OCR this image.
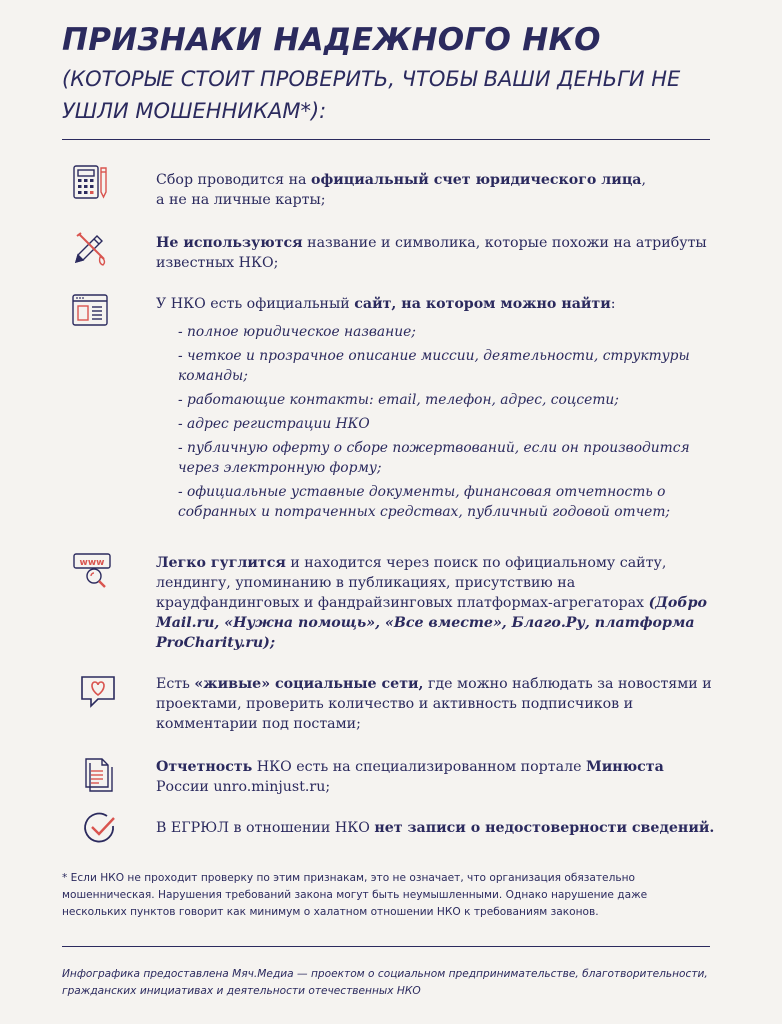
ПРИЗНАКИ НАДЕЖНОГО НКО

(КОТОРЫЕ СТОИТ ПРОВЕРИТЬ, ЧТОБЫ ВАШИ ДЕНЬГИ НЕ УШЛИ МОШЕННИКАМ*):

Сбор проводится на официальный счет юридического лица,
а не на личные карты;
Не используются название и символика, которые похожи на атрибуты известных НКО;
У НКО есть официальный сайт, на котором можно найти:
- полное юридическое название;
- четкое и прозрачное описание миссии, деятельности, структуры команды;
- работающие контакты: email, телефон, адрес, соцсети;
- адрес регистрации НКО
- публичную оферту о сборе пожертвований, если он производится через электронную форму;
- официальные уставные документы, финансовая отчетность о собранных и потраченных средствах, публичный годовой отчет;
www	Легко гуглится и находится через поиск по официальному сайту, лендингу, упоминанию в публикациях, присутствию на краудфандинговых и фандрайзинговых платформах-агрегаторах (Добро Mail.ru, «Нужна помощь», «Все вместе», Благо.Ру, платформа ProCharity.ru);
Есть «живые» социальные сети, где можно наблюдать за новостями и проектами, проверить количество и активность подписчиков и комментарии под постами;
Отчетность НКО есть на специализированном портале Минюста России unro.minjust.ru;
В ЕГРЮЛ в отношении НКО нет записи о недостоверности сведений.
* Если НКО не проходит проверку по этим признакам, это не означает, что организация обязательно мошенническая. Нарушения требований закона могут быть неумышленными. Однако нарушение даже нескольких пунктов говорит как минимум о халатном отношении НКО к требованиям законов.
Инфографика предоставлена Мяч.Медиа — проектом о социальном предпринимательстве, благотворительности, гражданских инициативах и деятельности отечественных НКО
